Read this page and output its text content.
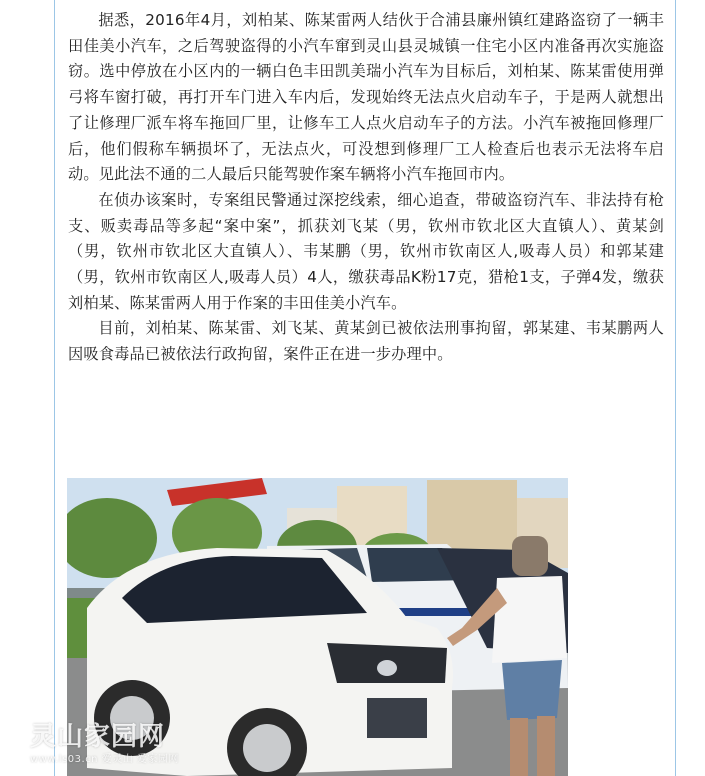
据悉，2016年4月，刘柏某、陈某雷两人结伙于合浦县廉州镇红建路盗窃了一辆丰田佳美小汽车，之后驾驶盗得的小汽车窜到灵山县灵城镇一住宅小区内准备再次实施盗窃。选中停放在小区内的一辆白色丰田凯美瑞小汽车为目标后，刘柏某、陈某雷使用弹弓将车窗打破，再打开车门进入车内后，发现始终无法点火启动车子，于是两人就想出了让修理厂派车将车拖回厂里，让修车工人点火启动车子的方法。小汽车被拖回修理厂后，他们假称车辆损坏了，无法点火，可没想到修理厂工人检查后也表示无法将车启动。见此法不通的二人最后只能驾驶作案车辆将小汽车拖回市内。

在侦办该案时，专案组民警通过深挖线索，细心追查，带破盗窃汽车、非法持有枪支、贩卖毒品等多起“案中案”，抓获刘飞某（男，钦州市钦北区大直镇人）、黄某剑（男，钦州市钦北区大直镇人）、韦某鹏（男，钦州市钦南区人,吸毒人员）和郭某建（男，钦州市钦南区人,吸毒人员）4人，缴获毒品K粉17克，猎枪1支，子弹4发，缴获刘柏某、陈某雷两人用于作案的丰田佳美小汽车。

目前，刘柏某、陈某雷、刘飞某、黄某剑已被依法刑事拘留，郭某建、韦某鹏两人因吸食毒品已被依法行政拘留，案件正在进一步办理中。

灵山家园网
www.ls03.cn 爱灵山 爱家园网
